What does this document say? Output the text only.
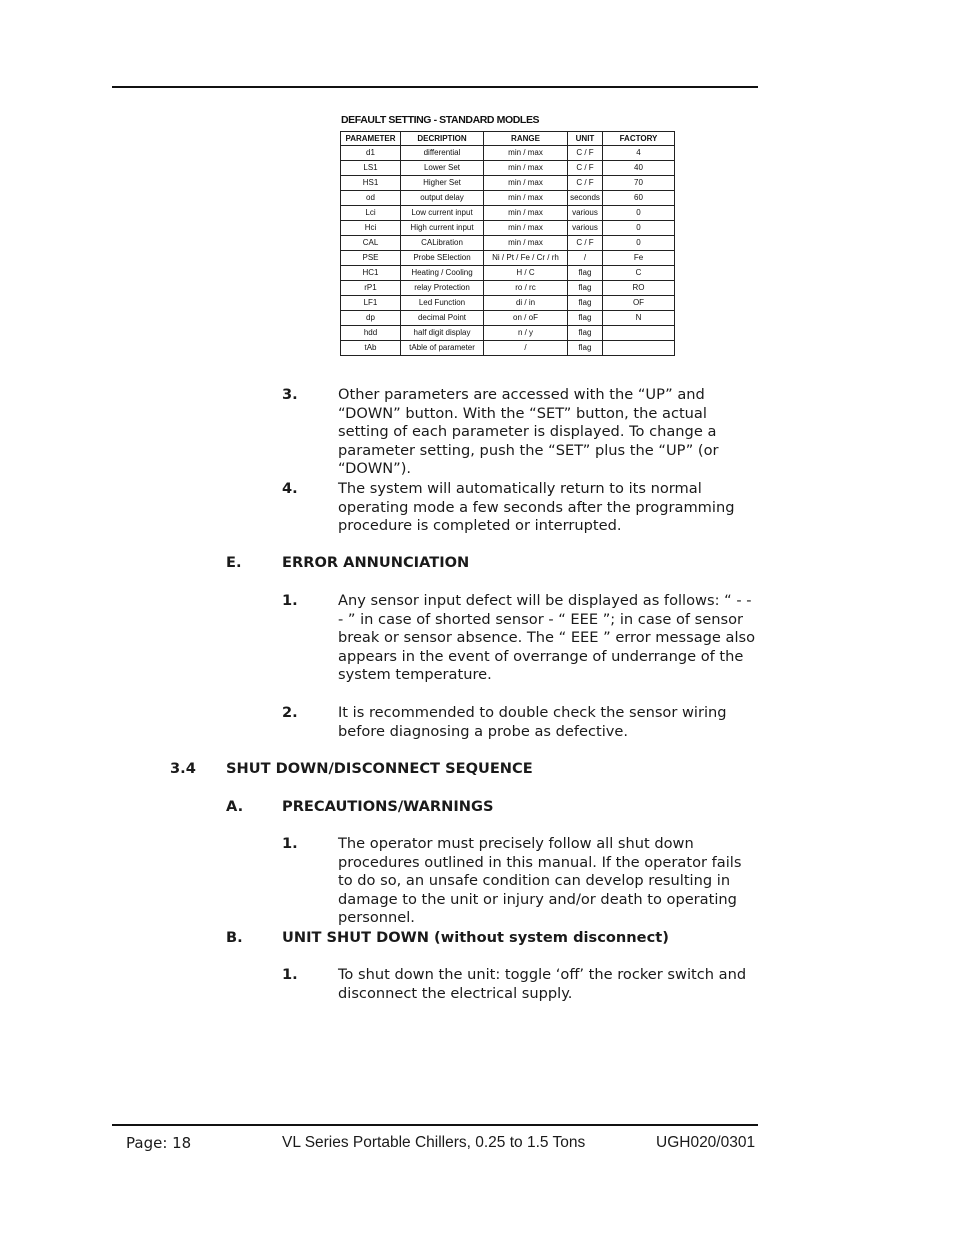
DEFAULT SETTING - STANDARD MODLES
PARAMETER	DECRIPTION	RANGE	UNIT	FACTORY
d1	differential	min / max	C / F	4
LS1	Lower Set	min / max	C / F	40
HS1	Higher Set	min / max	C / F	70
od	output delay	min / max	seconds	60
Lci	Low current input	min / max	various	0
Hci	High current input	min / max	various	0
CAL	CALibration	min / max	C / F	0
PSE	Probe SElection	Ni / Pt / Fe / Cr / rh	/	Fe
HC1	Heating / Cooling	H / C	flag	C
rP1	relay Protection	ro / rc	flag	RO
LF1	Led Function	di / in	flag	OF
dp	decimal Point	on / oF	flag	N
hdd	half digit display	n / y	flag	
tAb	tAble of parameter	/	flag	
3.	Other parameters are accessed with the “UP” and “DOWN” button. With the “SET” button, the actual setting of each parameter is displayed. To change a parameter setting, push the “SET” plus the “UP” (or “DOWN”).
4.	The system will automatically return to its normal operating mode a few seconds after the programming procedure is completed or interrupted.
E.	ERROR ANNUNCIATION
1.	Any sensor input defect will be displayed as follows: “ - - - ” in case of shorted sensor - “ EEE ”; in case of sensor break or sensor absence. The “ EEE ” error message also appears in the event of overrange of underrange of the system temperature.
2.	It is recommended to double check the sensor wiring before diagnosing a probe as defective.
3.4 SHUT DOWN/DISCONNECT SEQUENCE
A.	PRECAUTIONS/WARNINGS
1.	The operator must precisely follow all shut down procedures outlined in this manual. If the operator fails to do so, an unsafe condition can develop resulting in damage to the unit or injury and/or death to operating personnel.
B.	UNIT SHUT DOWN (without system disconnect)
1.	To shut down the unit: toggle ‘off’ the rocker switch and disconnect the electrical supply.
Page: 18	VL Series Portable Chillers, 0.25 to 1.5 Tons	UGH020/0301
